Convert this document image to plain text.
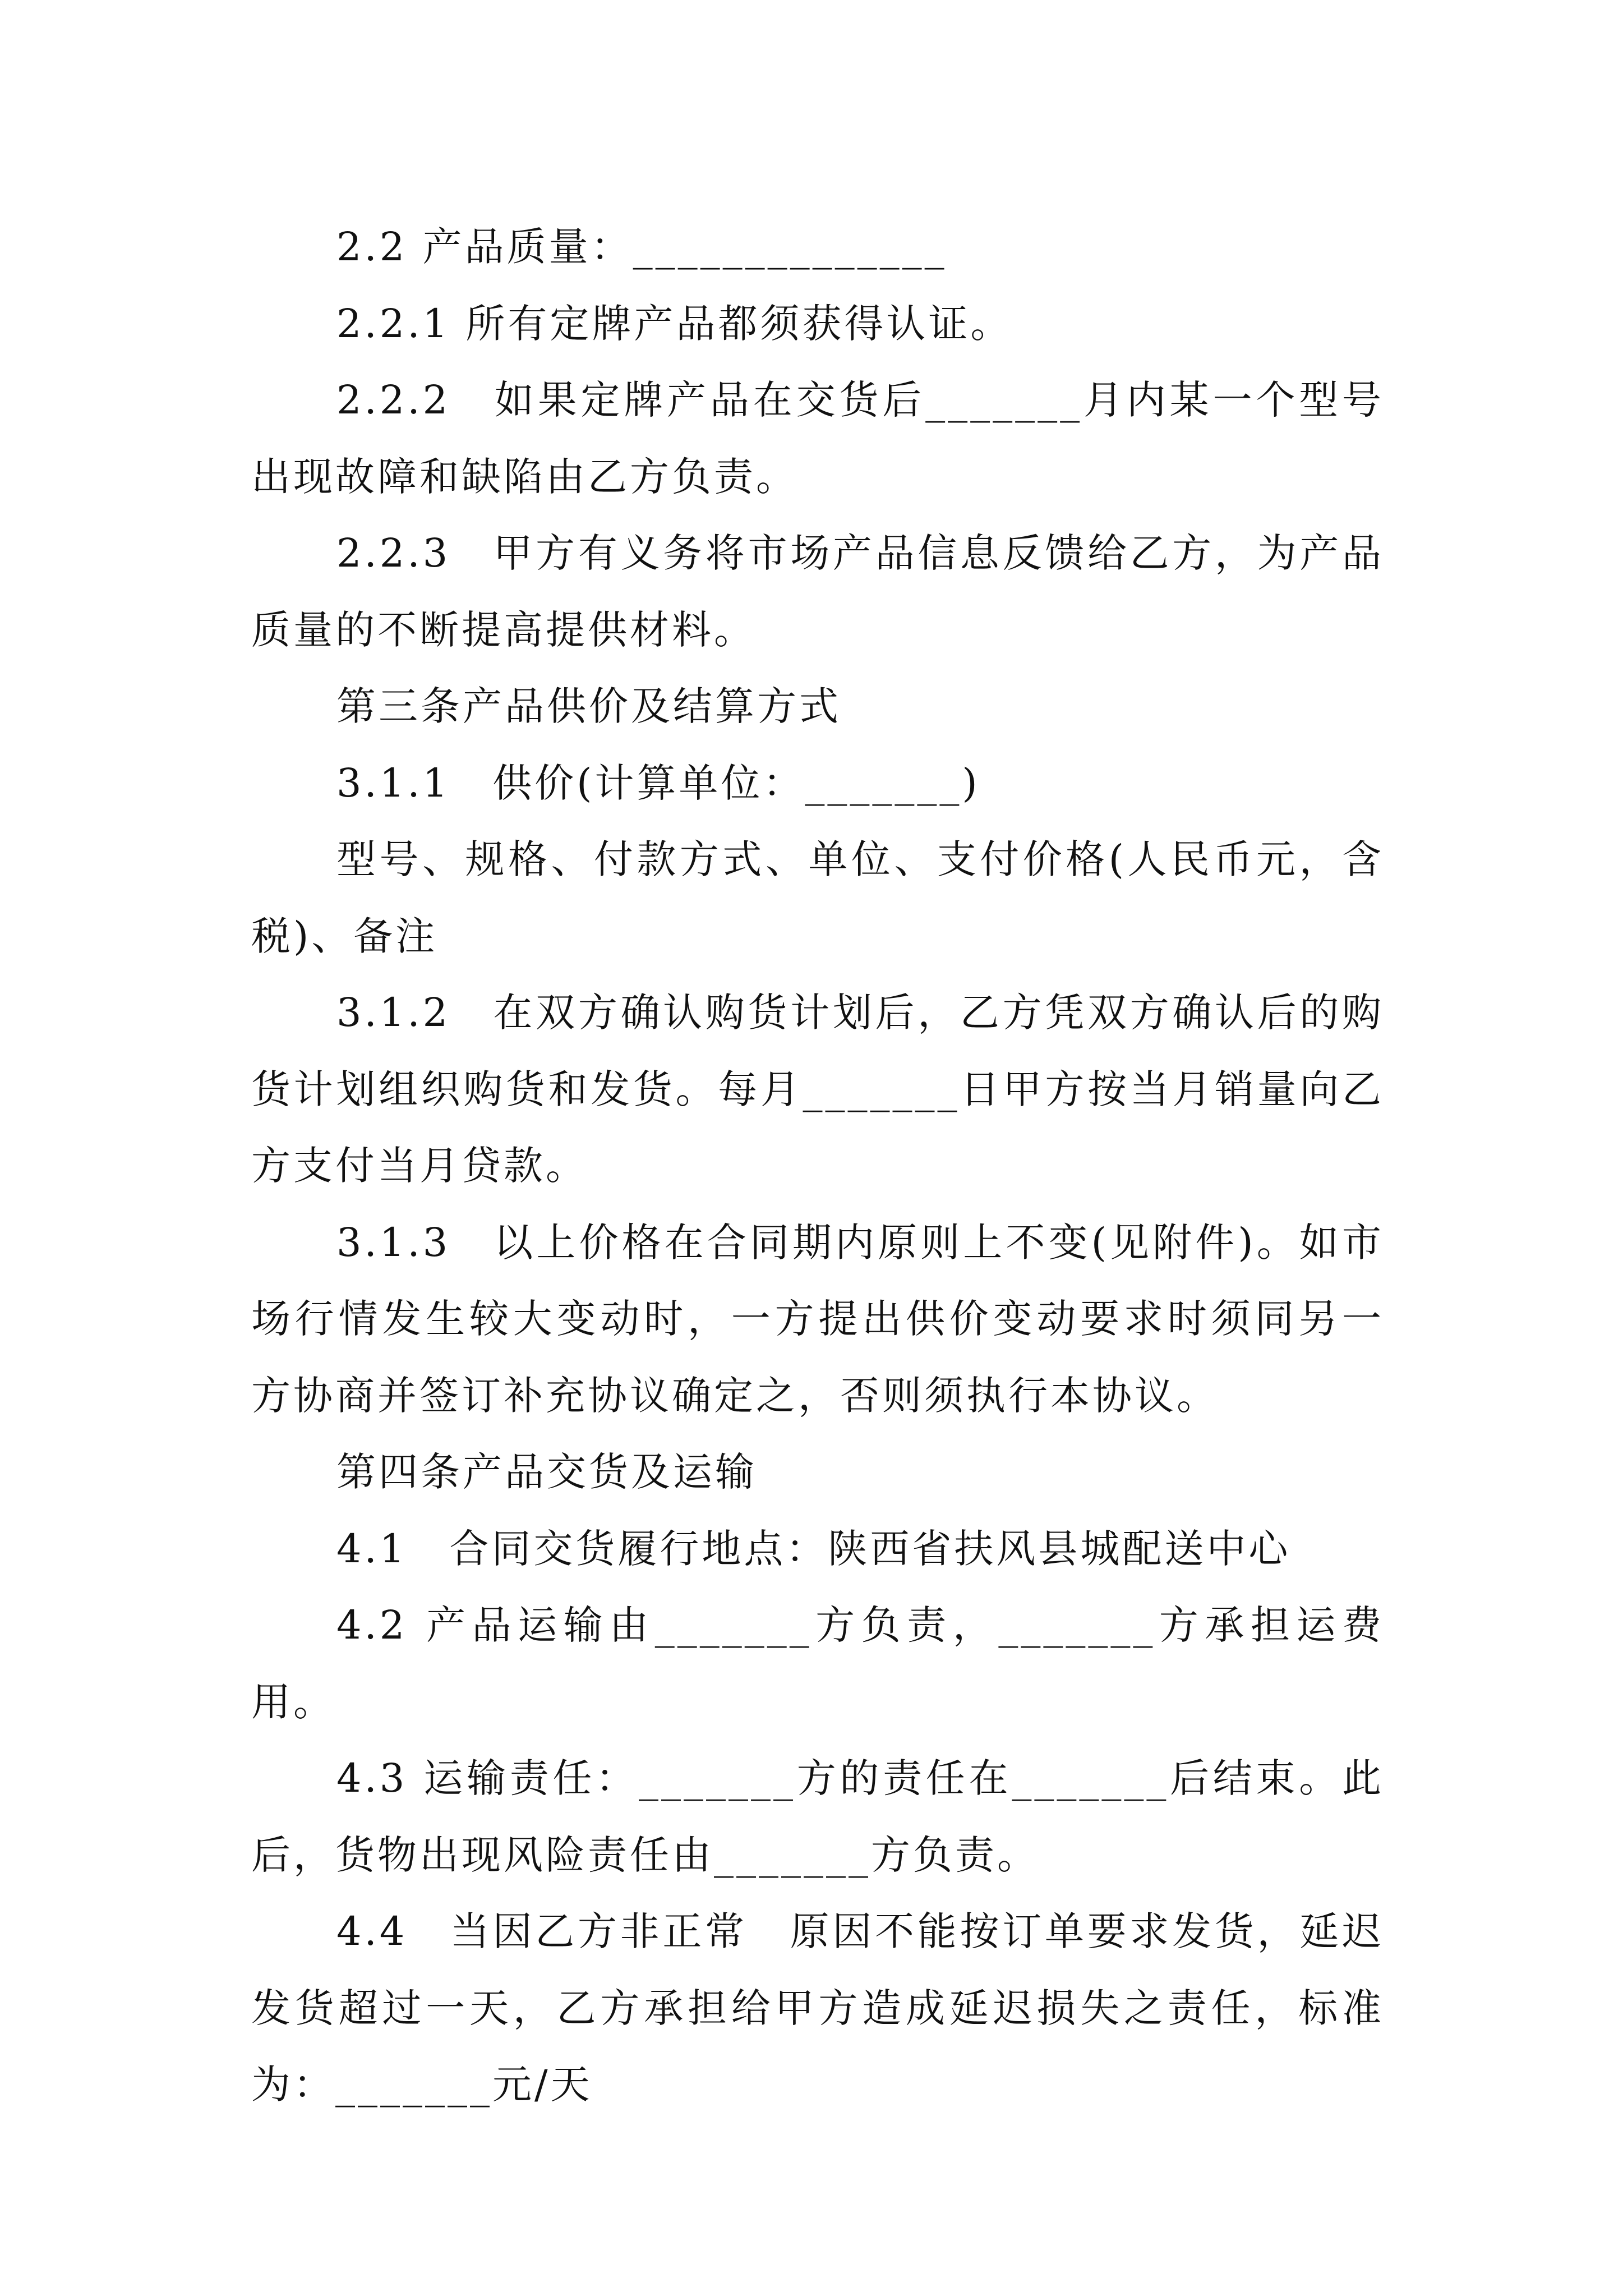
2.2 产品质量：______________

2.2.1 所有定牌产品都须获得认证。

2.2.2　如果定牌产品在交货后_______月内某一个型号出现故障和缺陷由乙方负责。

2.2.3　甲方有义务将市场产品信息反馈给乙方，为产品质量的不断提高提供材料。

第三条产品供价及结算方式

3.1.1　供价(计算单位：_______)

型号、规格、付款方式、单位、支付价格(人民币元，含税)、备注

3.1.2　在双方确认购货计划后，乙方凭双方确认后的购货计划组织购货和发货。每月_______日甲方按当月销量向乙方支付当月贷款。

3.1.3　以上价格在合同期内原则上不变(见附件)。如市场行情发生较大变动时，一方提出供价变动要求时须同另一方协商并签订补充协议确定之，否则须执行本协议。

第四条产品交货及运输

4.1　合同交货履行地点：陕西省扶风县城配送中心

4.2 产品运输由_______方负责，_______方承担运费用。

4.3 运输责任：_______方的责任在_______后结束。此后，货物出现风险责任由_______方负责。

4.4　当因乙方非正常　原因不能按订单要求发货，延迟发货超过一天，乙方承担给甲方造成延迟损失之责任，标准为：_______元/天
